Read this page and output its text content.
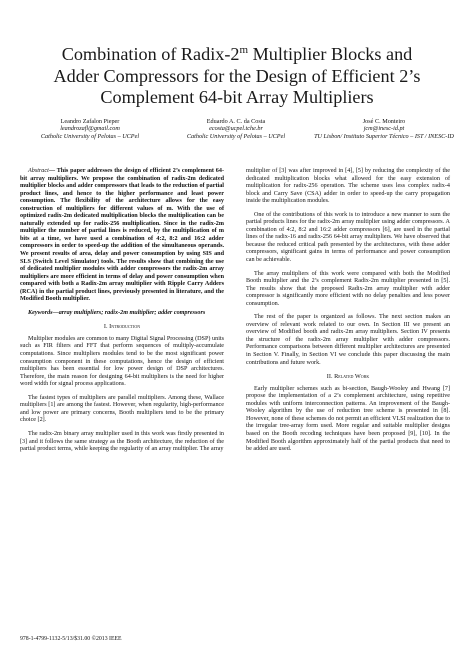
Combination of Radix-2$^m$ Multiplier Blocks and
Adder Compressors for the Design of Efficient 2’s
Complement 64-bit Array Multipliers
Leandro Zafalon Pieper
leandrozafl@gmail.com
Catholic University of Pelotas – UCPel
Eduardo A. C. da Costa
ecosta@ucpel.tche.br
Catholic University of Pelotas – UCPel
José C. Monteiro
jcm@inesc-id.pt
TU Lisbon/ Instituto Superior Técnico – IST / INESC-ID

Abstract— This paper addresses the design of efficient 2’s complement 64-bit array multipliers. We propose the combination of radix-2m dedicated multiplier blocks and adder compressors that leads to the reduction of partial product lines, and hence to the higher performance and least power consumption. The flexibility of the architecture allows for the easy construction of multipliers for different values of m. With the use of optimized radix-2m dedicated multiplication blocks the multiplication can be naturally extended up for radix-256 multiplication. Since in the radix-2m multiplier the number of partial lines is reduced, by the multiplication of m bits at a time, we have used a combination of 4:2, 8:2 and 16:2 adder compressors in order to speed-up the addition of the simultaneous operands. We present results of area, delay and power consumption by using SIS and SLS (Switch Level Simulator) tools. The results show that combining the use of dedicated multiplier modules with adder compressors the radix-2m array multipliers are more efficient in terms of delay and power consumption when compared with both a Radix-2m array multiplier with Ripple Carry Adders (RCA) in the partial product lines, previously presented in literature, and the Modified Booth multiplier.

Keywords—array multipliers; radix-2m multiplier; adder compressors

I. Introduction

Multiplier modules are common to many Digital Signal Processing (DSP) units such as FIR filters and FFT that perform sequences of multiply-accumulate computations. Since multipliers modules tend to be the most significant power consumption component in these computations, hence the design of efficient multipliers has been essential for low power design of DSP architectures. Therefore, the main reason for designing 64-bit multipliers is the need for higher word width for signal process applications.

The fastest types of multipliers are parallel multipliers. Among these, Wallace multipliers [1] are among the fastest. However, when regularity, high-performance and low power are primary concerns, Booth multipliers tend to be the primary choice [2].

The radix-2m binary array multiplier used in this work was firstly presented in [3] and it follows the same strategy as the Booth architecture, the reduction of the partial product terms, while keeping the regularity of an array multiplier. The array

multiplier of [3] was after improved in [4], [5] by reducing the complexity of the dedicated multiplication blocks what allowed for the easy extension of multiplication for radix-256 operation. The scheme uses less complex radix-4 block and Carry Save (CSA) adder in order to speed-up the carry propagation inside the multiplication modules.

One of the contributions of this work is to introduce a new manner to sum the partial products lines for the radix-2m array multiplier using adder compressors. A combination of 4:2, 8:2 and 16:2 adder compressors [6], are used in the partial lines of the radix-16 and radix-256 64-bit array multipliers. We have observed that because the reduced critical path presented by the architectures, with these adder compressors, significant gains in terms of performance and power consumption can be achievable.

The array multipliers of this work were compared with both the Modified Booth multiplier and the 2’s complement Radix-2m multiplier presented in [5]. The results show that the proposed Radix-2m array multiplier with adder compressor is significantly more efficient with no delay penalties and less power consumption.

The rest of the paper is organized as follows. The next section makes an overview of relevant work related to our own. In Section III we present an overview of Modified booth and radix-2m array multipliers. Section IV presents the structure of the radix-2m array multiplier with adder compressors. Performance comparisons between different multiplier architectures are presented in Section V. Finally, in Section VI we conclude this paper discussing the main contributions and future work.

II. Related Work

Early multiplier schemes such as bi-section, Baugh-Wooley and Hwang [7] propose the implementation of a 2’s complement architecture, using repetitive modules with uniform interconnection patterns. An improvement of the Baugh-Wooley algorithm by the use of reduction tree scheme is presented in [8]. However, none of these schemes do not permit an efficient VLSI realization due to the irregular tree-array form used. More regular and suitable multiplier designs based on the Booth recoding techniques have been proposed [9], [10]. In the Modified Booth algorithm approximately half of the partial products that need to be added are used.

978-1-4799-1132-5/13/$31.00 ©2013 IEEE
